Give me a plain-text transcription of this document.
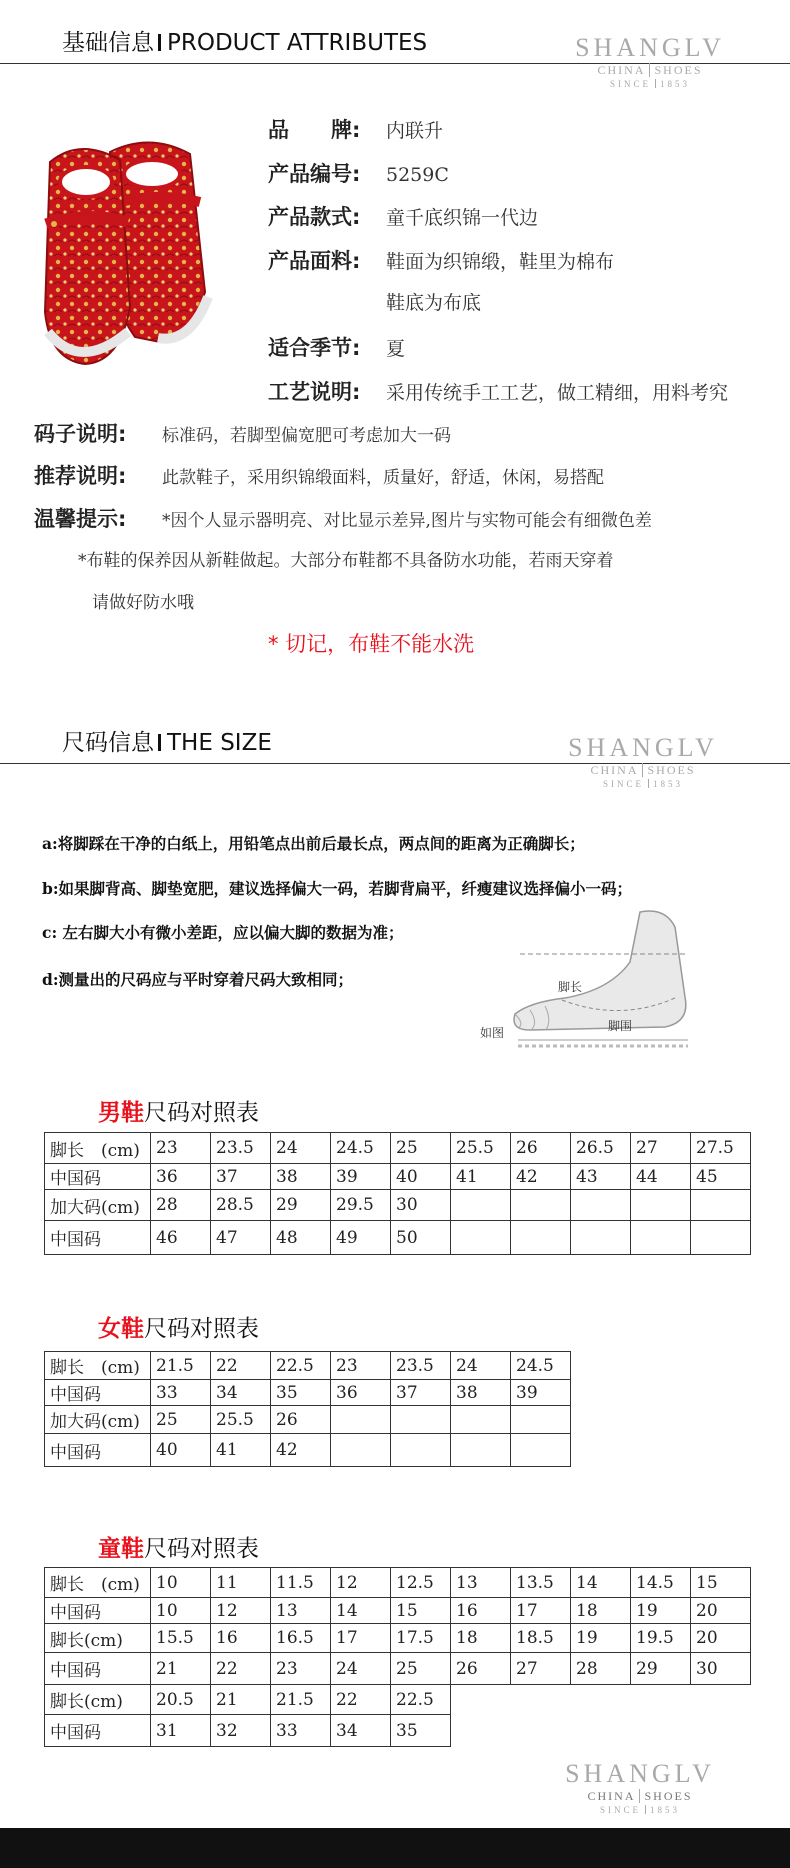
基础信息 PRODUCT ATTRIBUTES	SHANGLV
CHINA SHOES
SINCE 1853
品　　牌: 内联升
产品编号: 5259C
产品款式: 童千底织锦一代边
产品面料: 鞋面为织锦缎，鞋里为棉布
鞋底为布底
适合季节: 夏
工艺说明: 采用传统手工工艺，做工精细，用料考究
码子说明: 标准码，若脚型偏宽肥可考虑加大一码
推荐说明: 此款鞋子，采用织锦缎面料，质量好，舒适，休闲，易搭配
温馨提示: *因个人显示器明亮、对比显示差异,图片与实物可能会有细微色差
*布鞋的保养因从新鞋做起。大部分布鞋都不具备防水功能，若雨天穿着
请做好防水哦
* 切记，布鞋不能水洗
尺码信息 THE SIZE	SHANGLV
CHINA SHOES
SINCE 1853
a:将脚踩在干净的白纸上，用铅笔点出前后最长点，两点间的距离为正确脚长；
b:如果脚背高、脚垫宽肥，建议选择偏大一码，若脚背扁平，纤瘦建议选择偏小一码；
c: 左右脚大小有微小差距，应以偏大脚的数据为准；
d:测量出的尺码应与平时穿着尺码大致相同；	脚长
脚围
如图
男鞋尺码对照表
脚长　(cm)	23	23.5	24	24.5	25	25.5	26	26.5	27	27.5
中国码	36	37	38	39	40	41	42	43	44	45
加大码(cm)	28	28.5	29	29.5	30					
中国码	46	47	48	49	50					
女鞋尺码对照表
脚长　(cm)	21.5	22	22.5	23	23.5	24	24.5
中国码	33	34	35	36	37	38	39
加大码(cm)	25	25.5	26				
中国码	40	41	42				
童鞋尺码对照表
脚长　(cm)	10	11	11.5	12	12.5	13	13.5	14	14.5	15
中国码	10	12	13	14	15	16	17	18	19	20
脚长(cm)	15.5	16	16.5	17	17.5	18	18.5	19	19.5	20
中国码	21	22	23	24	25	26	27	28	29	30
脚长(cm)	20.5	21	21.5	22	22.5					
中国码	31	32	33	34	35					
SHANGLV
CHINA SHOES
SINCE 1853
